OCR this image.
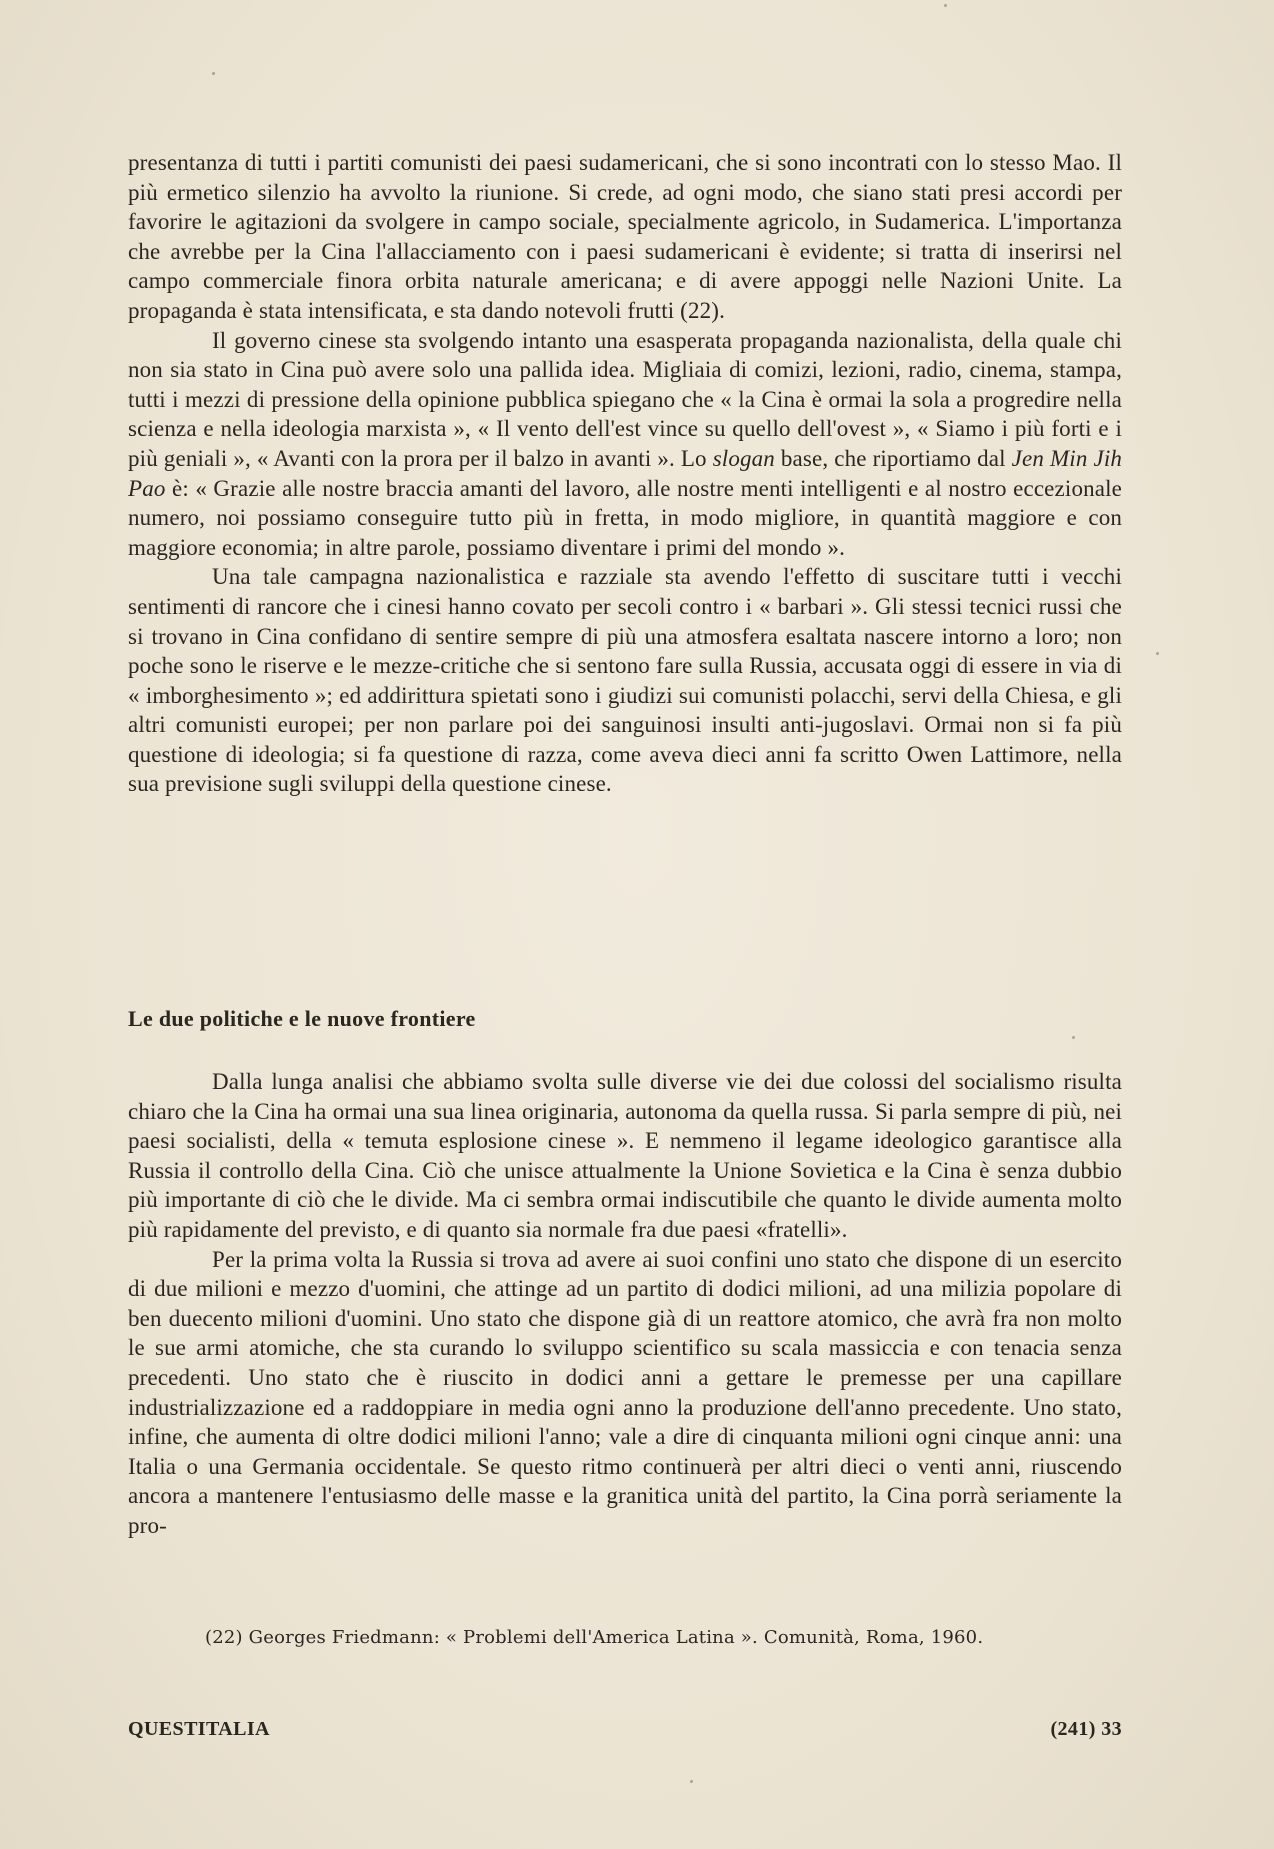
presentanza di tutti i partiti comunisti dei paesi sudamericani, che si sono incontrati con lo stesso Mao. Il più ermetico silenzio ha avvolto la riunione. Si crede, ad ogni modo, che siano stati presi accordi per favorire le agitazioni da svolgere in campo sociale, specialmente agricolo, in Sudamerica. L'importanza che avrebbe per la Cina l'allacciamento con i paesi sudamericani è evidente; si tratta di inserirsi nel campo commerciale finora orbita naturale americana; e di avere appoggi nelle Nazioni Unite. La propaganda è stata intensificata, e sta dando notevoli frutti (22).

Il governo cinese sta svolgendo intanto una esasperata propaganda nazionalista, della quale chi non sia stato in Cina può avere solo una pallida idea. Migliaia di comizi, lezioni, radio, cinema, stampa, tutti i mezzi di pressione della opinione pubblica spiegano che « la Cina è ormai la sola a progredire nella scienza e nella ideologia marxista », « Il vento dell'est vince su quello dell'ovest », « Siamo i più forti e i più geniali », « Avanti con la prora per il balzo in avanti ». Lo slogan base, che riportiamo dal Jen Min Jih Pao è: « Grazie alle nostre braccia amanti del lavoro, alle nostre menti intelligenti e al nostro eccezionale numero, noi possiamo conseguire tutto più in fretta, in modo migliore, in quantità maggiore e con maggiore economia; in altre parole, possiamo diventare i primi del mondo ».

Una tale campagna nazionalistica e razziale sta avendo l'effetto di suscitare tutti i vecchi sentimenti di rancore che i cinesi hanno covato per secoli contro i « barbari ». Gli stessi tecnici russi che si trovano in Cina confidano di sentire sempre di più una atmosfera esaltata nascere intorno a loro; non poche sono le riserve e le mezze-critiche che si sentono fare sulla Russia, accusata oggi di essere in via di « imborghesimento »; ed addirittura spietati sono i giudizi sui comunisti polacchi, servi della Chiesa, e gli altri comunisti europei; per non parlare poi dei sanguinosi insulti anti-jugoslavi. Ormai non si fa più questione di ideologia; si fa questione di razza, come aveva dieci anni fa scritto Owen Lattimore, nella sua previsione sugli sviluppi della questione cinese.

Le due politiche e le nuove frontiere

Dalla lunga analisi che abbiamo svolta sulle diverse vie dei due colossi del socialismo risulta chiaro che la Cina ha ormai una sua linea originaria, autonoma da quella russa. Si parla sempre di più, nei paesi socialisti, della « temuta esplosione cinese ». E nemmeno il legame ideologico garantisce alla Russia il controllo della Cina. Ciò che unisce attualmente la Unione Sovietica e la Cina è senza dubbio più importante di ciò che le divide. Ma ci sembra ormai indiscutibile che quanto le divide aumenta molto più rapidamente del previsto, e di quanto sia normale fra due paesi «fratelli».

Per la prima volta la Russia si trova ad avere ai suoi confini uno stato che dispone di un esercito di due milioni e mezzo d'uomini, che attinge ad un partito di dodici milioni, ad una milizia popolare di ben duecento milioni d'uomini. Uno stato che dispone già di un reattore atomico, che avrà fra non molto le sue armi atomiche, che sta curando lo sviluppo scientifico su scala massiccia e con tenacia senza precedenti. Uno stato che è riuscito in dodici anni a gettare le premesse per una capillare industrializzazione ed a raddoppiare in media ogni anno la produzione dell'anno precedente. Uno stato, infine, che aumenta di oltre dodici milioni l'anno; vale a dire di cinquanta milioni ogni cinque anni: una Italia o una Germania occidentale. Se questo ritmo continuerà per altri dieci o venti anni, riuscendo ancora a mantenere l'entusiasmo delle masse e la granitica unità del partito, la Cina porrà seriamente la pro-

(22) Georges Friedmann: « Problemi dell'America Latina ». Comunità, Roma, 1960.

QUESTITALIA	(241) 33
